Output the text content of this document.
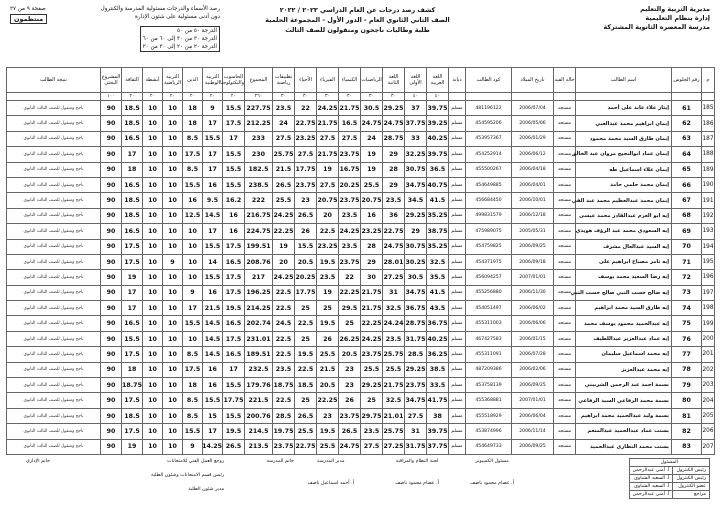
مديرية التربية والتعليم
إدارة بنظام التعليمية
مدرسة المعصره الثانوية المشتركة
كشف رصد درجات عن العام الدراسي ٢٠٢٣ / ٢٠٢٢
الصف الثاني الثانوي العام - الدور الأول - المجموعة الحلمية
طلبة وطالبات ناجحون ومنقولون للصف الثالث
رصد الأسماء والدرجات مسئولية المدرسة والكنترول
صفحة ٩ من ٢٧
دون أدنى مسئولية على شئون الإدارة
منتظمون
الدرجة ٥٠ من ٥٠
الدرجة ٣٠ من ٣٠ إلى ٦٠ من ٦٠
الدرجة ٢٠ من ٢٠ إلى ٣٠ من ٣٠
م	رقم الجلوس	اسم الطالب	حالة القيد	تاريخ الميلاد	كود الطالب	ديانة	اللغة العربية	اللغة الأولى	اللغة الثانية	الرياضيات	الكيمياء	الفيزياء	الأحياء	تطبيقات رياضية	المجموع	الحاسوب والتكنولوجيا	التربية الوطنية	الدين	التربية الرياضية	أنشطة	الثقافة	المشروع البحثي	نتيجة الطالب
							٤٠	٤٠	٣٠	٣٠	٣٠	٣٠	٣٠	٣٠	٢٦٠	٢٠	٢٠	٢٠	٢٠	٢٠	٢٠	١٠٠	
185	61	إيثار علاء عابد على أحمد	مستجد	2006/07/04	481196122	مسلم	39.75	37	29.25	30.5	21.75	24.25	22	23.5	227.75	15.5	9	18	10	10	18.5	90	ناجح ومنقول للصف الثالث الثانوي
186	62	إيمان ابراهيم محمد عبدالغني	مستجد	2006/05/06	454595206	مسلم	39.25	37.75	24.75	24.75	16.5	21.75	22.75	24	212.25	17.5	17	18	10	10	18.5	90	ناجح ومنقول للصف الثالث الثانوي
187	63	إيمان طارق السيد محمد محمود	مستجد	2006/01/29	453957367	مسلم	40.25	33	28.75	24	27.5	27.5	23.25	27.5	233	17	15.5	8.5	10	10	16.5	90	ناجح ومنقول للصف الثالث الثانوي
188	64	إيمان عماد ابوالنجيح مروان عبد الخالق	مستجد	2006/06/12	454252914	مسلم	39.75	32.25	29	19	23.75	21.75	27.5	25.75	230	15.5	17	17.5	10	10	17	90	ناجح ومنقول للصف الثالث الثانوي
189	65	إيمان علاء اسماعيل طه	مستجد	2006/04/18	455500267	مسلم	36.5	30.75	28	19	16.75	19	17.75	21.5	182.5	15.5	17	8.5	10	10	18	90	ناجح ومنقول للصف الثالث الثانوي
190	66	إيمان محمد حلمي حامد	مستجد	2006/04/01	454649885	مسلم	40.75	34.75	29	25.5	20.25	27.5	23.75	26.5	238.5	15.5	16	15.5	10	10	16.5	90	ناجح ومنقول للصف الثالث الثانوي
191	67	إيمان محمد عبدالعظيم محمد عبد القي	مستجد	2006/10/01	456684450	مسلم	41.5	34.5	23.5	20.75	23.75	20.75	23	25.5	222	16.2	9.5	16	10	10	18.5	90	ناجح ومنقول للصف الثالث الثانوي
192	68	إيه ابو العزم عبدالقادر محمد عيسى	مستجد	2006/12/18	499831579	مسلم	35.25	29.25	36	16	23.5	20	26.5	24.25	216.75	16	14.5	12.5	10	10	18.5	90	ناجح ومنقول للصف الثالث الثانوي
193	69	إيه السعودي محمد عبد الرؤف هويدي	مستجد	2005/05/31	475989075	مسلم	38.75	29	22.75	23.25	24.25	22.5	26	22.25	224.75	16	17	10	10	10	16.5	90	ناجح ومنقول للصف الثالث الثانوي
194	70	إيه السيد عبدالعال مشرف	مستجد	2006/09/25	454759825	مسلم	35.25	30.75	24.75	28	23.5	23.25	15.5	19	199.51	17.5	15.5	10	10	10	17.5	90	ناجح ومنقول للصف الثالث الثانوي
195	71	إيه تامر مصباح ابراهيم على	مستجد	2006/09/18	454371975	مسلم	32.5	30.25	28.01	29	23.75	19.5	20.5	20	208.76	16.5	14	10	9	10	17.5	90	ناجح ومنقول للصف الثالث الثانوي
196	72	إيه رضا السعيد محمد يوسف	مستجد	2007/01/01	456094257	مسلم	35.5	30.5	27.25	30	22	23.5	20.25	24.25	217	17.5	15.5	10	10	10	19	90	ناجح ومنقول للصف الثالث الثانوي
197	73	إيه صالح حسب النبي صالح حسب النبي	مستجد	2006/11/30	455256880	مسلم	41.5	34.75	31	21.75	22.25	19	17.75	22.5	196.25	17.5	16	9	10	10	17	90	ناجح ومنقول للصف الثالث الثانوي
198	74	إيه طارق السيد محمد ابراهيم	مستجد	2006/06/02	454051497	مسلم	43.5	36.75	32.5	21.75	29.5	25	25	22.5	214.25	19.5	21.5	17	10	10	17	90	ناجح ومنقول للصف الثالث الثانوي
199	75	إيه عبدالحميد محمود يوسف محمد	مستجد	2006/06/06	455311003	مسلم	36.75	28.75	24.24	22.25	25	19.5	22.5	24.5	202.74	16.5	14.5	15.5	10	10	16.5	90	ناجح ومنقول للصف الثالث الثانوي
200	76	إيه عماد عبدالعزيز عبداللطيف	مستجد	2006/01/15	467427583	مسلم	40.25	31.75	23.5	24.25	26.25	26	25	22.5	231.01	17.5	14.5	10	10	10	15.5	90	ناجح ومنقول للصف الثالث الثانوي
201	77	إيه محمد اسماعيل سليمان	مستجد	2006/07/28	455311091	مسلم	36.25	28.5	25.75	23.75	20.5	25.5	19.5	22.5	189.51	16.5	14.5	8.5	10	10	17.5	90	ناجح ومنقول للصف الثالث الثانوي
202	78	إيه محمد عبدالعزيز	مستجد	2006/02/06	487209386	مسلم	38.5	29.25	25.5	25.5	23	21.5	22.5	23.5	232.5	17	16	17.5	10	10	18	90	ناجح ومنقول للصف الثالث الثانوي
203	79	بسمة احمد عبد الرحمن الشربيني	مستجد	2006/09/25	453758139	مسلم	33.5	23.75	21.75	29.25	23	20.5	18.5	18.75	179.76	15.5	16	18	10	10	18.75	90	ناجح ومنقول للصف الثالث الثانوي
204	80	بسمة محمد الرفاعي السيد الرفاعي	مستجد	2007/01/01	455368881	مسلم	41.75	34.75	32.5	25	26	22.25	25	22.5	221.5	17.75	15.5	8.5	10	10	17.5	90	ناجح ومنقول للصف الثالث الثانوي
205	81	بسمة وليد عبدالحميد محمد ابراهيم	مستجد	2006/06/04	455518929	مسلم	38	27.5	21.01	29.75	23.75	23	26.5	28.5	200.76	15.5	15	8.5	10	10	18.5	90	ناجح ومنقول للصف الثالث الثانوي
206	82	بسنت عماد عبدالحميد عبدالمنعم	مستجد	2006/11/14	453874996	مسلم	39.75	31	25.75	23.5	26.5	19.5	25.5	19.75	214.5	19.5	17	15.5	10	10	17.5	90	ناجح ومنقول للصف الثالث الثانوي
207	83	بسنت محمد النظارى عبدالحميد	مستجد	2006/09/25	454649733	مسلم	37.75	31.75	27.25	27.5	24.75	25.5	22.75	23.75	213.5	26.5	14.25	9	10	10	19	90	ناجح ومنقول للصف الثالث الثانوي
المسئول	
رئيس الكنترول	أ. أمنى عبدالرحمن
رئيس الكنترول	أ. السعيد الشناوى
عضو الكنترول	أ. السعيد الشناوى
مراجع	أ. أمنى عبدالرحمن
مسئول الكمبيوتر
أ. عصام محمود ناصف
لجنة النظام والمراقبة
أ. عصام محمود ناصف
مدير المدرسة
أ. أحمد اسماعيل ناصف
خاتم المدرسة
روجع العمل الفني للامتحانات
رئيس قسم الامتحانات وشئون الطلبة
مدير شئون الطلبة
خاتم الإداري
